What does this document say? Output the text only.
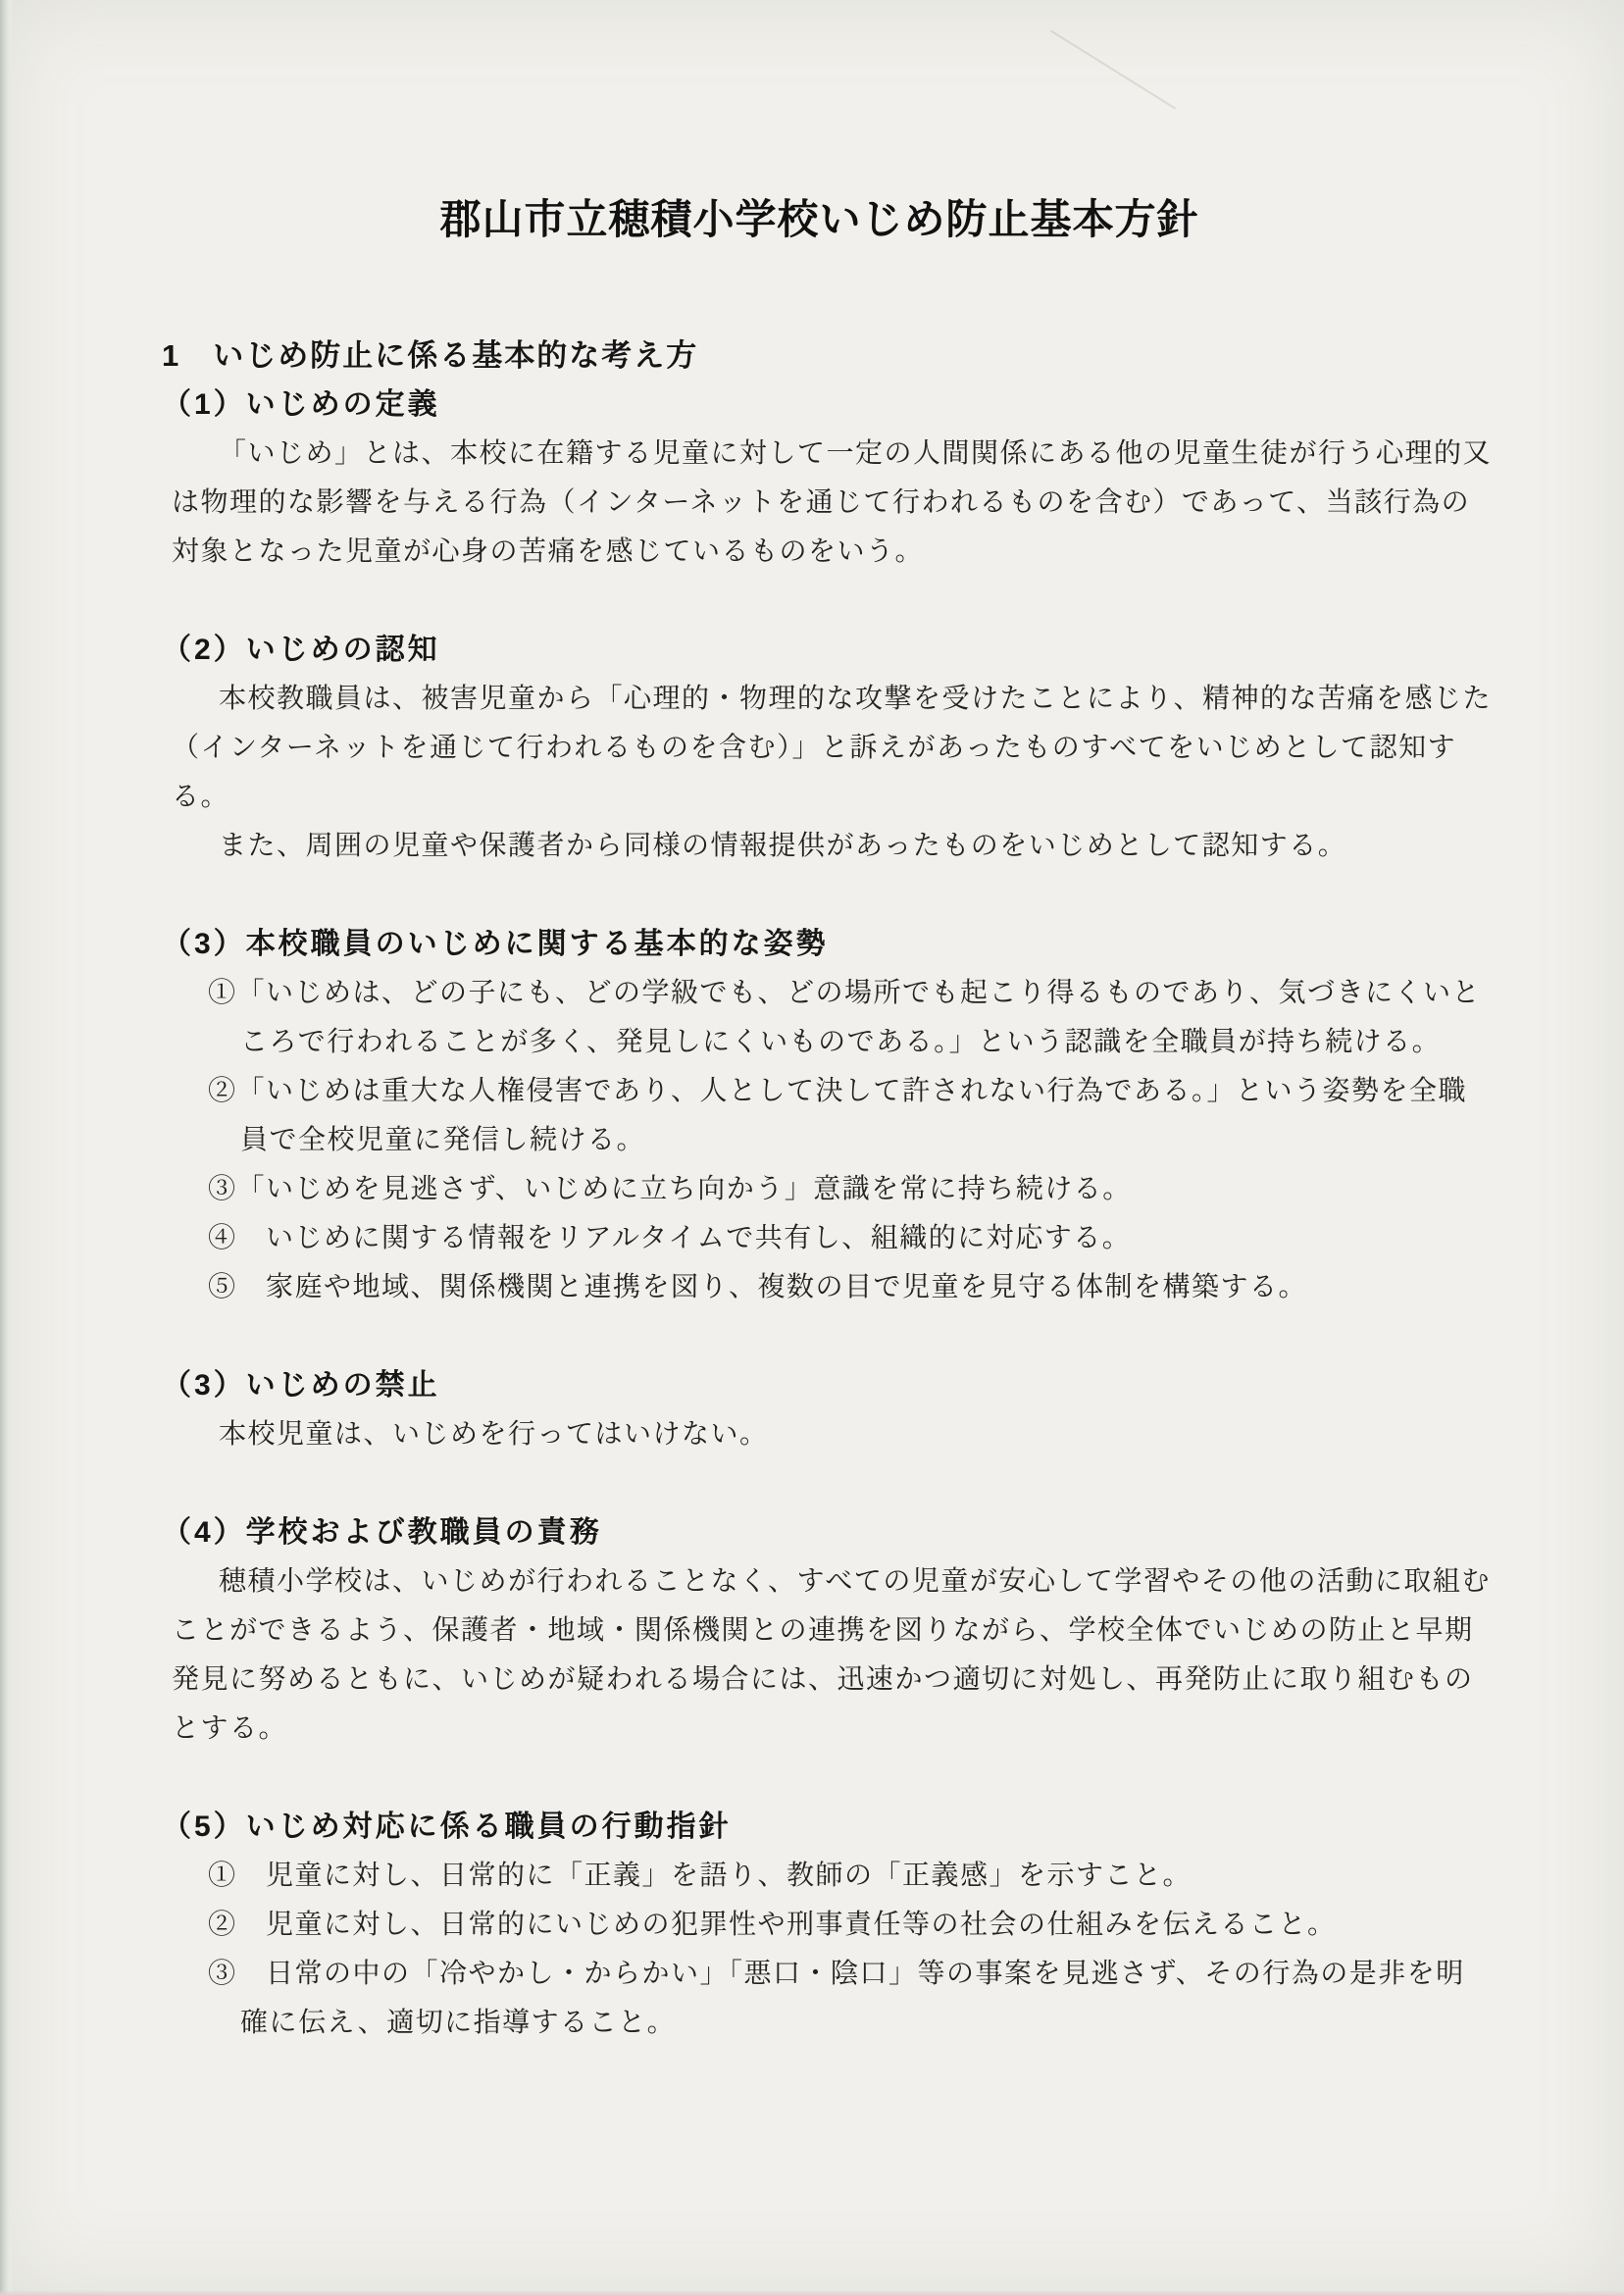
郡山市立穂積小学校いじめ防止基本方針
1　いじめ防止に係る基本的な考え方
（1）いじめの定義
「いじめ」とは、本校に在籍する児童に対して一定の人間関係にある他の児童生徒が行う心理的又
は物理的な影響を与える行為（インターネットを通じて行われるものを含む）であって、当該行為の
対象となった児童が心身の苦痛を感じているものをいう。
（2）いじめの認知
本校教職員は、被害児童から「心理的・物理的な攻撃を受けたことにより、精神的な苦痛を感じた
（インターネットを通じて行われるものを含む）」と訴えがあったものすべてをいじめとして認知す
る。
また、周囲の児童や保護者から同様の情報提供があったものをいじめとして認知する。
（3）本校職員のいじめに関する基本的な姿勢
①「いじめは、どの子にも、どの学級でも、どの場所でも起こり得るものであり、気づきにくいと
ころで行われることが多く、発見しにくいものである。」という認識を全職員が持ち続ける。
②「いじめは重大な人権侵害であり、人として決して許されない行為である。」という姿勢を全職
員で全校児童に発信し続ける。
③「いじめを見逃さず、いじめに立ち向かう」意識を常に持ち続ける。
④　いじめに関する情報をリアルタイムで共有し、組織的に対応する。
⑤　家庭や地域、関係機関と連携を図り、複数の目で児童を見守る体制を構築する。
（3）いじめの禁止
本校児童は、いじめを行ってはいけない。
（4）学校および教職員の責務
穂積小学校は、いじめが行われることなく、すべての児童が安心して学習やその他の活動に取組む
ことができるよう、保護者・地域・関係機関との連携を図りながら、学校全体でいじめの防止と早期
発見に努めるともに、いじめが疑われる場合には、迅速かつ適切に対処し、再発防止に取り組むもの
とする。
（5）いじめ対応に係る職員の行動指針
①　児童に対し、日常的に「正義」を語り、教師の「正義感」を示すこと。
②　児童に対し、日常的にいじめの犯罪性や刑事責任等の社会の仕組みを伝えること。
③　日常の中の「冷やかし・からかい」「悪口・陰口」等の事案を見逃さず、その行為の是非を明
確に伝え、適切に指導すること。
